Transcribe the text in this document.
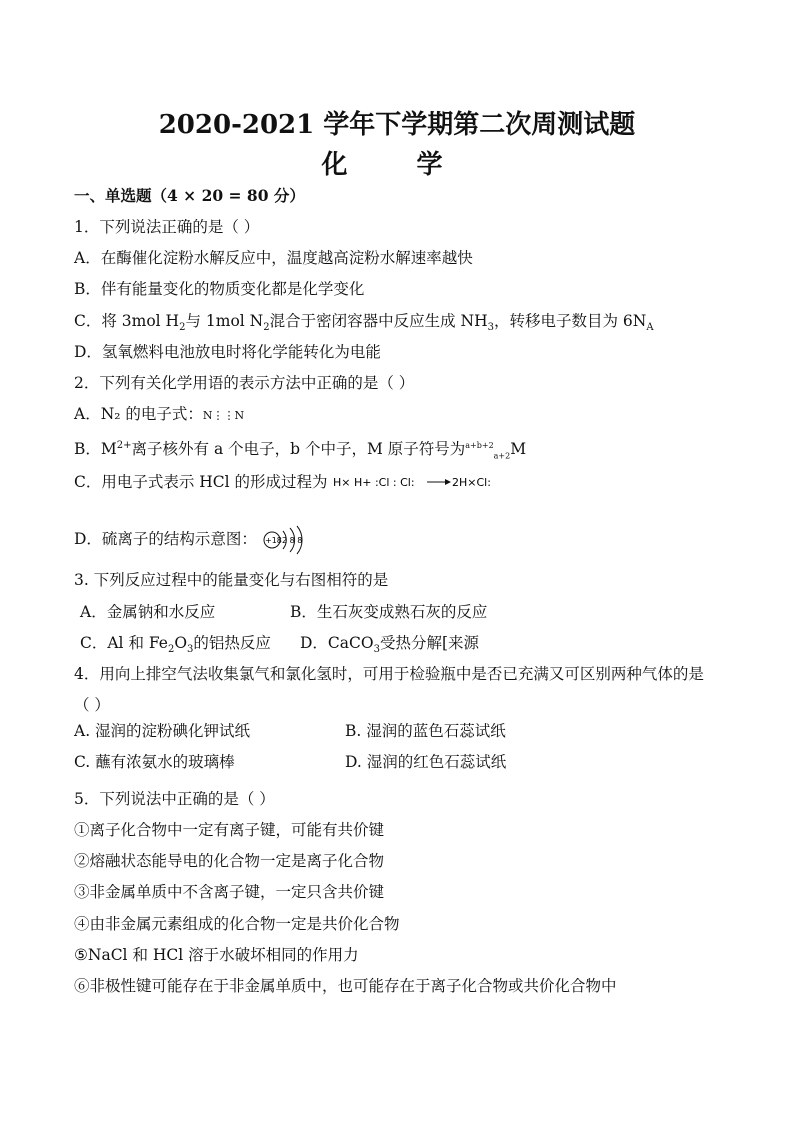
2020-2021 学年下学期第二次周测试题
化 学
一、单选题（4 × 20 = 80 分）
1．下列说法正确的是（ ）
A．在酶催化淀粉水解反应中，温度越高淀粉水解速率越快
B．伴有能量变化的物质变化都是化学变化
C．将 3mol $H_2$与 1mol $N_2$混合于密闭容器中反应生成 $NH_3$，转移电子数目为 $6N_A$
D．氢氧燃料电池放电时将化学能转化为电能
2．下列有关化学用语的表示方法中正确的是（ ）
A．N₂ 的电子式：N⋮⋮N
B．$M^{2+}$离子核外有 a 个电子，b 个中子，M 原子符号为$^{a+b+2}_{a+2}$M
C．用电子式表示 HCl 的形成过程为 H× H+ :Cl : Cl:	2H×Cl:
D．硫离子的结构示意图： +18 2 8 8
3. 下列反应过程中的能量变化与右图相符的是
A．金属钠和水反应	B．生石灰变成熟石灰的反应
C．Al 和 $Fe_2O_3$的铝热反应 D．CaCO$_3$受热分解[来源
4．用向上排空气法收集氯气和氯化氢时，可用于检验瓶中是否已充满又可区别两种气体的是
（ ）
A. 湿润的淀粉碘化钾试纸	B. 湿润的蓝色石蕊试纸
C. 蘸有浓氨水的玻璃棒	D. 湿润的红色石蕊试纸
5．下列说法中正确的是（ ）
①离子化合物中一定有离子键，可能有共价键
②熔融状态能导电的化合物一定是离子化合物
③非金属单质中不含离子键，一定只含共价键
④由非金属元素组成的化合物一定是共价化合物
⑤NaCl 和 HCl 溶于水破坏相同的作用力
⑥非极性键可能存在于非金属单质中，也可能存在于离子化合物或共价化合物中
